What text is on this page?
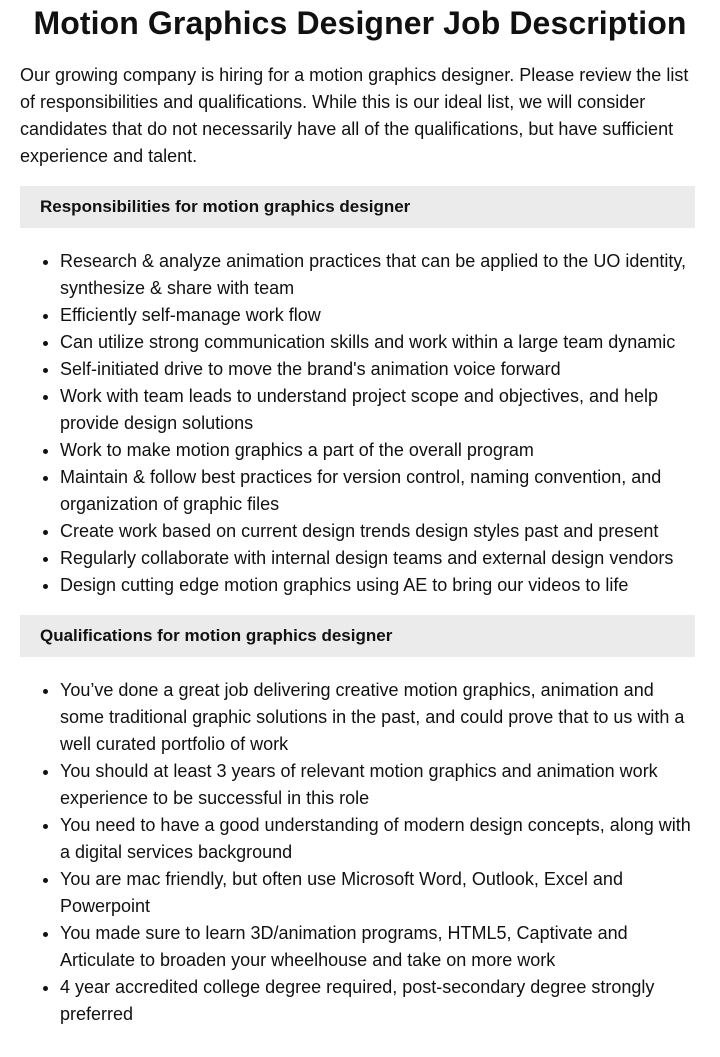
Motion Graphics Designer Job Description

Our growing company is hiring for a motion graphics designer. Please review the list of responsibilities and qualifications. While this is our ideal list, we will consider candidates that do not necessarily have all of the qualifications, but have sufficient experience and talent.

Responsibilities for motion graphics designer
• Research & analyze animation practices that can be applied to the UO identity, synthesize & share with team
• Efficiently self-manage work flow
• Can utilize strong communication skills and work within a large team dynamic
• Self-initiated drive to move the brand's animation voice forward
• Work with team leads to understand project scope and objectives, and help provide design solutions
• Work to make motion graphics a part of the overall program
• Maintain & follow best practices for version control, naming convention, and organization of graphic files
• Create work based on current design trends design styles past and present
• Regularly collaborate with internal design teams and external design vendors
• Design cutting edge motion graphics using AE to bring our videos to life
Qualifications for motion graphics designer
• You’ve done a great job delivering creative motion graphics, animation and some traditional graphic solutions in the past, and could prove that to us with a well curated portfolio of work
• You should at least 3 years of relevant motion graphics and animation work experience to be successful in this role
• You need to have a good understanding of modern design concepts, along with a digital services background
• You are mac friendly, but often use Microsoft Word, Outlook, Excel and Powerpoint
• You made sure to learn 3D/animation programs, HTML5, Captivate and Articulate to broaden your wheelhouse and take on more work
• 4 year accredited college degree required, post-secondary degree strongly preferred
